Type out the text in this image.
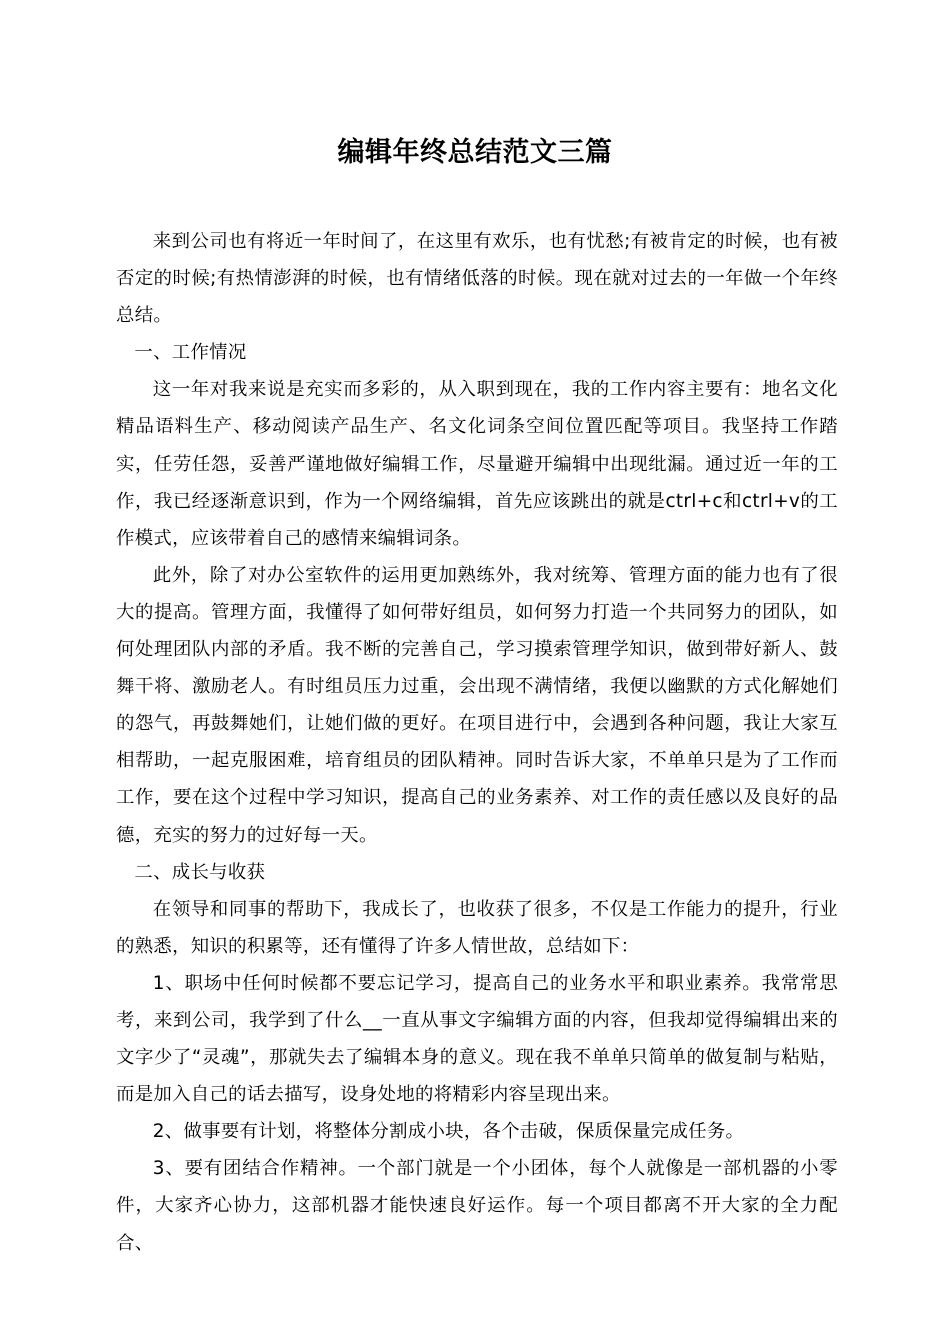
编辑年终总结范文三篇

来到公司也有将近一年时间了，在这里有欢乐，也有忧愁;有被肯定的时候，也有被否定的时候;有热情澎湃的时候，也有情绪低落的时候。现在就对过去的一年做一个年终总结。

一、工作情况

这一年对我来说是充实而多彩的，从入职到现在，我的工作内容主要有：地名文化精品语料生产、移动阅读产品生产、名文化词条空间位置匹配等项目。我坚持工作踏实，任劳任怨，妥善严谨地做好编辑工作，尽量避开编辑中出现纰漏。通过近一年的工作，我已经逐渐意识到，作为一个网络编辑，首先应该跳出的就是ctrl+c和ctrl+v的工作模式，应该带着自己的感情来编辑词条。

此外，除了对办公室软件的运用更加熟练外，我对统筹、管理方面的能力也有了很大的提高。管理方面，我懂得了如何带好组员，如何努力打造一个共同努力的团队，如何处理团队内部的矛盾。我不断的完善自己，学习摸索管理学知识，做到带好新人、鼓舞干将、激励老人。有时组员压力过重，会出现不满情绪，我便以幽默的方式化解她们的怨气，再鼓舞她们，让她们做的更好。在项目进行中，会遇到各种问题，我让大家互相帮助，一起克服困难，培育组员的团队精神。同时告诉大家，不单单只是为了工作而工作，要在这个过程中学习知识，提高自己的业务素养、对工作的责任感以及良好的品德，充实的努力的过好每一天。

二、成长与收获

在领导和同事的帮助下，我成长了，也收获了很多，不仅是工作能力的提升，行业的熟悉，知识的积累等，还有懂得了许多人情世故，总结如下：

1、职场中任何时候都不要忘记学习，提高自己的业务水平和职业素养。我常常思考，来到公司，我学到了什么__一直从事文字编辑方面的内容，但我却觉得编辑出来的文字少了“灵魂”，那就失去了编辑本身的意义。现在我不单单只简单的做复制与粘贴，而是加入自己的话去描写，设身处地的将精彩内容呈现出来。

2、做事要有计划，将整体分割成小块，各个击破，保质保量完成任务。

3、要有团结合作精神。一个部门就是一个小团体，每个人就像是一部机器的小零件，大家齐心协力，这部机器才能快速良好运作。每一个项目都离不开大家的全力配合、
